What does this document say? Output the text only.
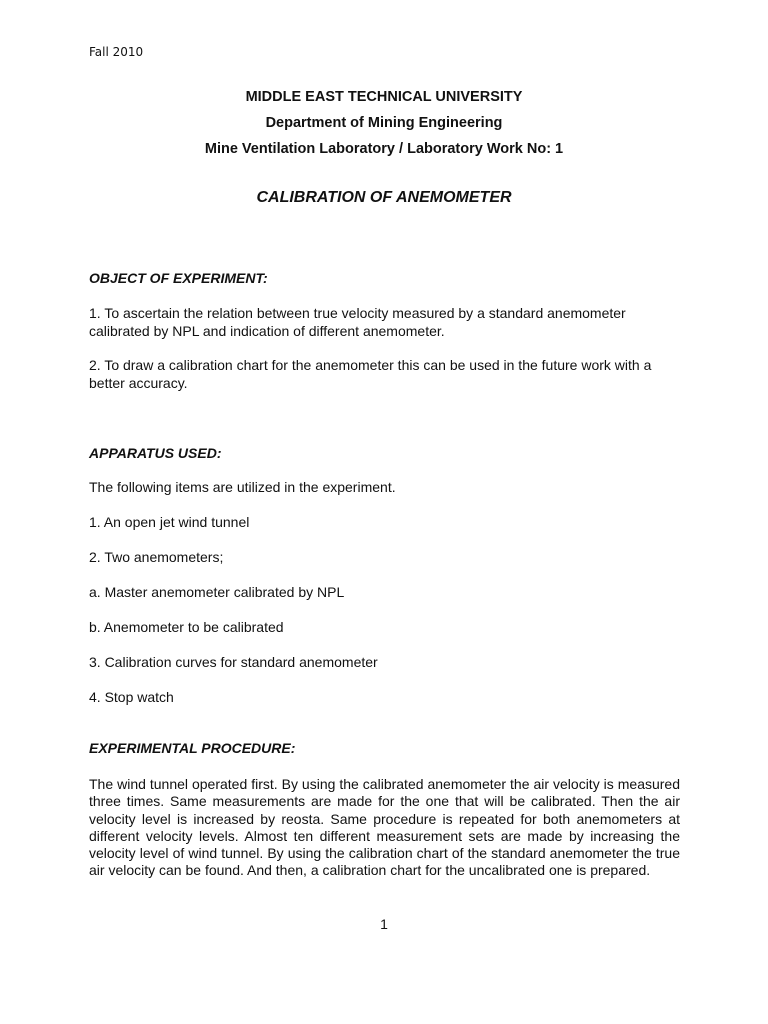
Fall 2010
MIDDLE EAST TECHNICAL UNIVERSITY
Department of Mining Engineering
Mine Ventilation Laboratory / Laboratory Work No: 1
CALIBRATION OF ANEMOMETER
OBJECT OF EXPERIMENT:
1. To ascertain the relation between true velocity measured by a standard anemometer calibrated by NPL and indication of different anemometer.
2. To draw a calibration chart for the anemometer this can be used in the future work with a better accuracy.
APPARATUS USED:
The following items are utilized in the experiment.
1. An open jet wind tunnel
2. Two anemometers;
a. Master anemometer calibrated by NPL
b. Anemometer to be calibrated
3. Calibration curves for standard anemometer
4. Stop watch
EXPERIMENTAL PROCEDURE:
The wind tunnel operated first. By using the calibrated anemometer the air velocity is measured three times. Same measurements are made for the one that will be calibrated. Then the air velocity level is increased by reosta. Same procedure is repeated for both anemometers at different velocity levels. Almost ten different measurement sets are made by increasing the velocity level of wind tunnel. By using the calibration chart of the standard anemometer the true air velocity can be found. And then, a calibration chart for the uncalibrated one is prepared.
1
